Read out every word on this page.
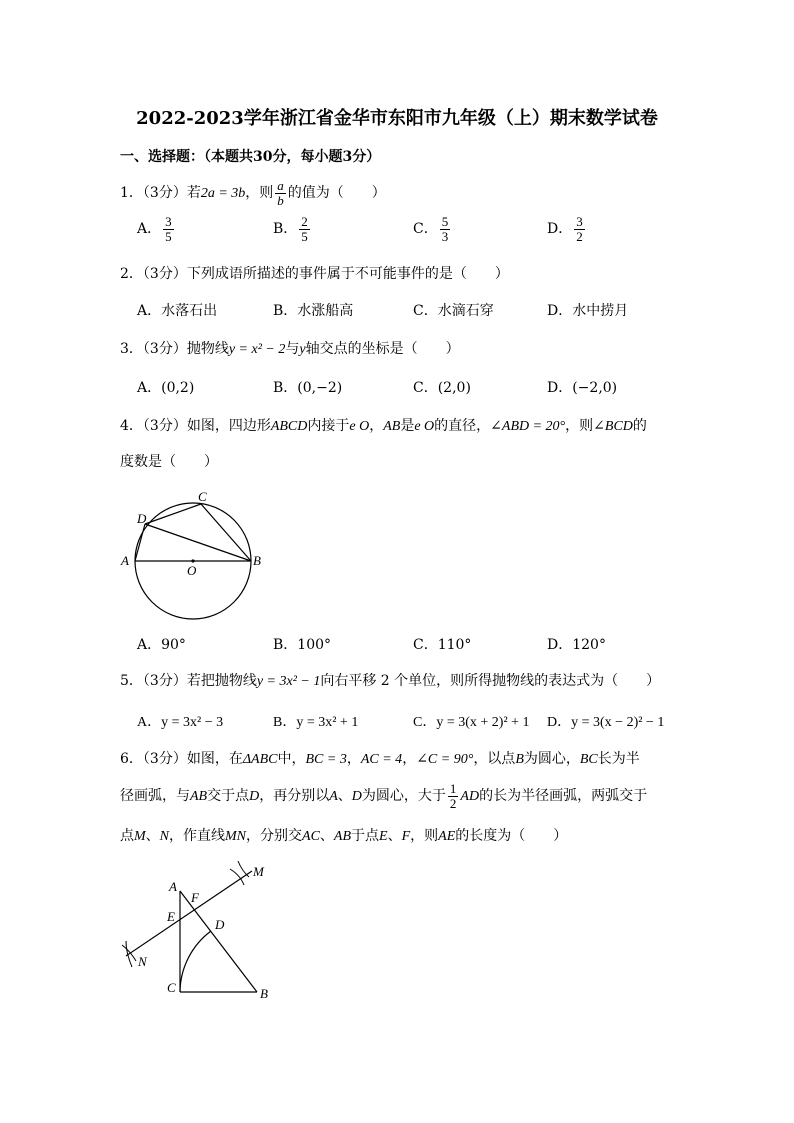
2022-2023学年浙江省金华市东阳市九年级（上）期末数学试卷
一、选择题：（本题共30分，每小题3分）
1．（3分）若2a = 3b，则 $\frac{a}{b}$ 的值为（　　）
A． $\frac{3}{5}$	B． $\frac{2}{5}$	C． $\frac{5}{3}$	D． $\frac{3}{2}$
2．（3分）下列成语所描述的事件属于不可能事件的是（　　）
A．水落石出	B．水涨船高	C．水滴石穿	D．水中捞月
3．（3分）抛物线y = x² − 2与y轴交点的坐标是（　　）
A．(0,2)	B．(0,−2)	C．(2,0)	D．(−2,0)
4．（3分）如图，四边形ABCD内接于e O，AB是e O的直径，∠ABD = 20°，则∠BCD的
度数是（　　）
A	B
C
D
O
A．90°	B．100°	C．110°	D．120°
5．（3分）若把抛物线y = 3x² − 1向右平移 2 个单位，则所得抛物线的表达式为（　　）
A．y = 3x² − 3	B．y = 3x² + 1	C．y = 3(x + 2)² + 1 D．y = 3(x − 2)² − 1
6．（3分）如图，在ΔABC中，BC = 3，AC = 4，∠C = 90°，以点B为圆心，BC长为半
径画弧，与AB交于点D，再分别以A、D为圆心，大于 $\frac{1}{2}$ AD的长为半径画弧，两弧交于
点M、N，作直线MN，分别交AC、AB于点E、F，则AE的长度为（　　）
A
B
C
D
E
F
M
N
